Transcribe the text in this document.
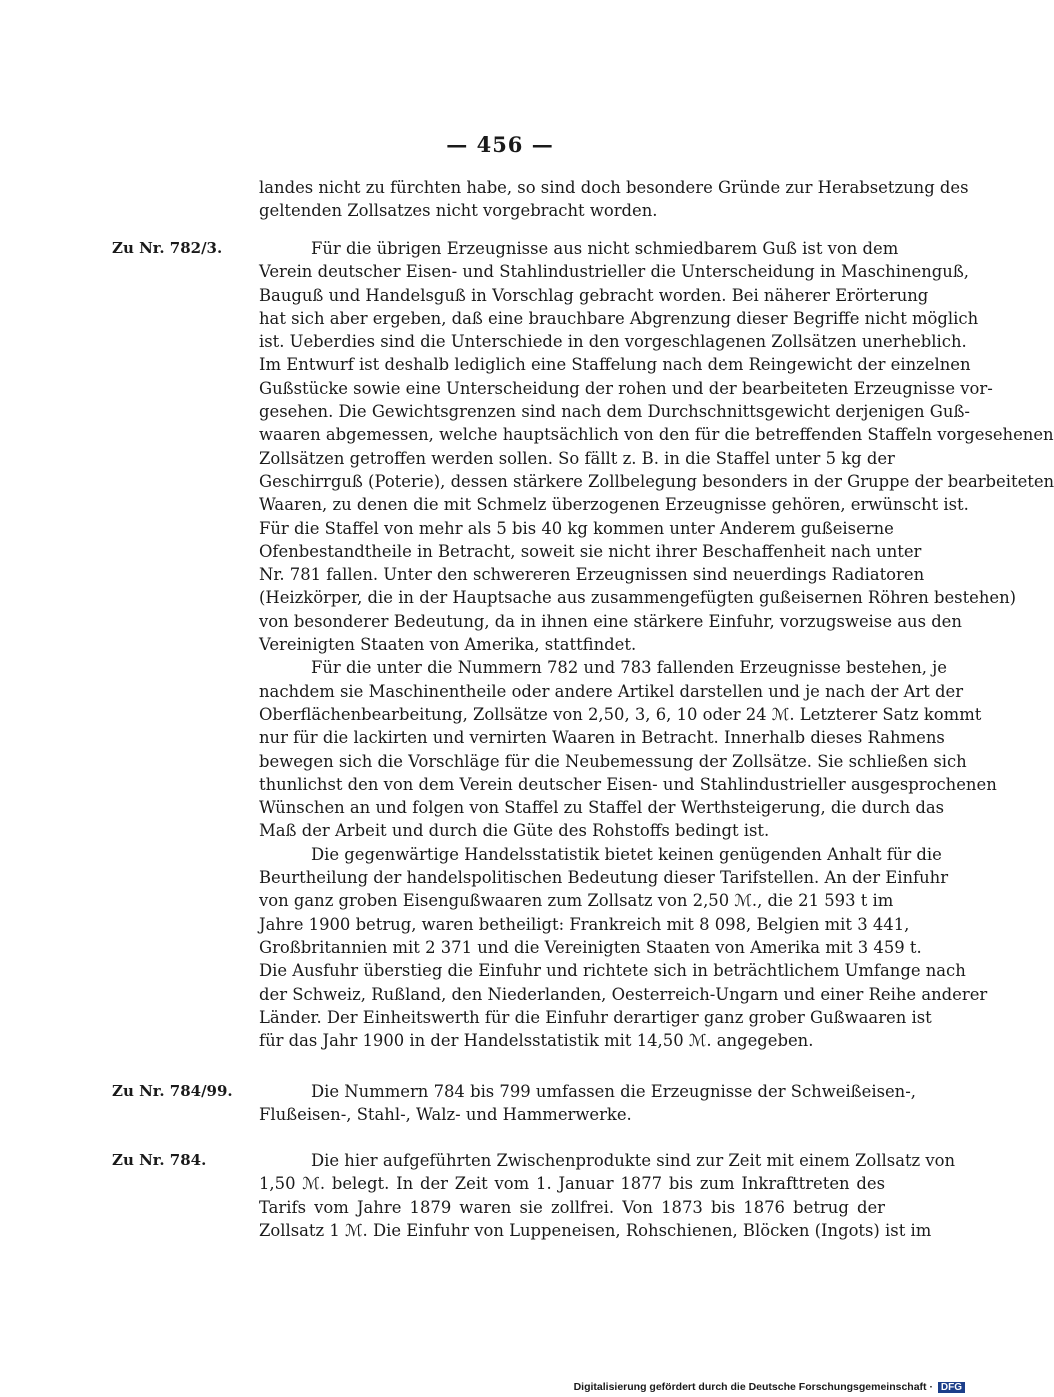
— 456 —
landes nicht zu fürchten habe, so sind doch besondere Gründe zur Herabsetzung des
geltenden Zollsatzes nicht vorgebracht worden.
Zu Nr. 782/3.	Für die übrigen Erzeugnisse aus nicht schmiedbarem Guß ist von dem
Verein deutscher Eisen- und Stahlindustrieller die Unterscheidung in Maschinenguß,
Bauguß und Handelsguß in Vorschlag gebracht worden. Bei näherer Erörterung
hat sich aber ergeben, daß eine brauchbare Abgrenzung dieser Begriffe nicht möglich
ist. Ueberdies sind die Unterschiede in den vorgeschlagenen Zollsätzen unerheblich.
Im Entwurf ist deshalb lediglich eine Staffelung nach dem Reingewicht der einzelnen
Gußstücke sowie eine Unterscheidung der rohen und der bearbeiteten Erzeugnisse vor-
gesehen. Die Gewichtsgrenzen sind nach dem Durchschnittsgewicht derjenigen Guß-
waaren abgemessen, welche hauptsächlich von den für die betreffenden Staffeln vorgesehenen
Zollsätzen getroffen werden sollen. So fällt z. B. in die Staffel unter 5 kg der
Geschirrguß (Poterie), dessen stärkere Zollbelegung besonders in der Gruppe der bearbeiteten
Waaren, zu denen die mit Schmelz überzogenen Erzeugnisse gehören, erwünscht ist.
Für die Staffel von mehr als 5 bis 40 kg kommen unter Anderem gußeiserne
Ofenbestandtheile in Betracht, soweit sie nicht ihrer Beschaffenheit nach unter
Nr. 781 fallen. Unter den schwereren Erzeugnissen sind neuerdings Radiatoren
(Heizkörper, die in der Hauptsache aus zusammengefügten gußeisernen Röhren bestehen)
von besonderer Bedeutung, da in ihnen eine stärkere Einfuhr, vorzugsweise aus den
Vereinigten Staaten von Amerika, stattfindet.
Für die unter die Nummern 782 und 783 fallenden Erzeugnisse bestehen, je
nachdem sie Maschinentheile oder andere Artikel darstellen und je nach der Art der
Oberflächenbearbeitung, Zollsätze von 2,50, 3, 6, 10 oder 24 ℳ. Letzterer Satz kommt
nur für die lackirten und vernirten Waaren in Betracht. Innerhalb dieses Rahmens
bewegen sich die Vorschläge für die Neubemessung der Zollsätze. Sie schließen sich
thunlichst den von dem Verein deutscher Eisen- und Stahlindustrieller ausgesprochenen
Wünschen an und folgen von Staffel zu Staffel der Werthsteigerung, die durch das
Maß der Arbeit und durch die Güte des Rohstoffs bedingt ist.
Die gegenwärtige Handelsstatistik bietet keinen genügenden Anhalt für die
Beurtheilung der handelspolitischen Bedeutung dieser Tarifstellen. An der Einfuhr
von ganz groben Eisengußwaaren zum Zollsatz von 2,50 ℳ., die 21 593 t im
Jahre 1900 betrug, waren betheiligt: Frankreich mit 8 098, Belgien mit 3 441,
Großbritannien mit 2 371 und die Vereinigten Staaten von Amerika mit 3 459 t.
Die Ausfuhr überstieg die Einfuhr und richtete sich in beträchtlichem Umfange nach
der Schweiz, Rußland, den Niederlanden, Oesterreich-Ungarn und einer Reihe anderer
Länder. Der Einheitswerth für die Einfuhr derartiger ganz grober Gußwaaren ist
für das Jahr 1900 in der Handelsstatistik mit 14,50 ℳ. angegeben.
Zu Nr. 784/99.	Die Nummern 784 bis 799 umfassen die Erzeugnisse der Schweißeisen-,
Flußeisen-, Stahl-, Walz- und Hammerwerke.
Zu Nr. 784.	Die hier aufgeführten Zwischenprodukte sind zur Zeit mit einem Zollsatz von
1,50 ℳ. belegt. In der Zeit vom 1. Januar 1877 bis zum Inkrafttreten des
Tarifs vom Jahre 1879 waren sie zollfrei. Von 1873 bis 1876 betrug der
Zollsatz 1 ℳ. Die Einfuhr von Luppeneisen, Rohschienen, Blöcken (Ingots) ist im
Digitalisierung gefördert durch die Deutsche Forschungsgemeinschaft · DFG
